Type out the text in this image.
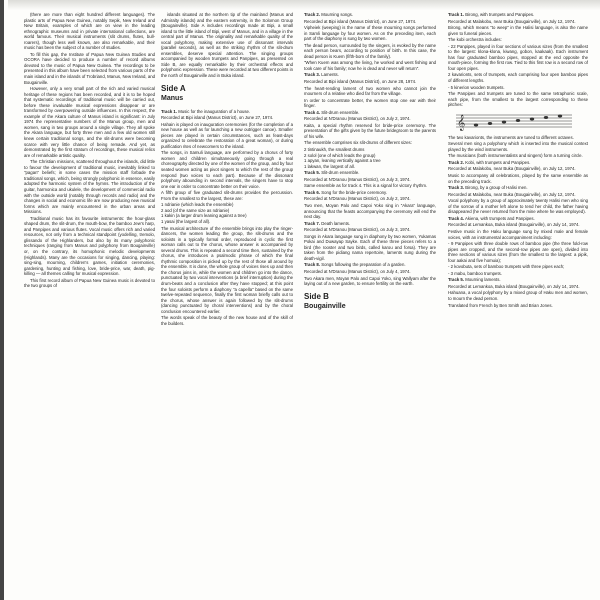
(there are more than eight hundred different languages). The plastic arts of Papua New Guinea, notably Sepik, New Ireland and New Britain, examples of which are on view in the leading ethnographic museums and in private international collections, are world famous. Their musical instruments (slit drums, flutes, bull-roarers), though less well known, are also remarkable, and their music has been the subject of a number of studies.

To fill this gap, the Institute of Papua New Guinea Studies and OCORA have decided to produce a number of record albums devoted to the music of Papua New Guinea. The recordings to be presented in this album have been selected from various parts of the main island and in the islands of Trobriand, Manus, New Ireland, and Bougainville.

However, only a very small part of the rich and varied musical heritage of these regions has been recorded, and it is to be hoped that systematic recordings of traditional music will be carried out, before these invaluable musical expressions disappear or are transformed by overpowering outside influences. In this respect, the example of the Akara culture of Manus island is significant: in July 1974 the representative numbers of the Manus group, men and women, sang in two groups around a single village. They all spoke the Akara language, but forty three men and a few old women still knew certain traditional songs, and the slit-drums were becoming scarce with very little chance of being remade. And yet, as demonstrated by the first stratum of recordings, these musical relics are of remarkable artistic quality.

The Christian missions, scattered throughout the islands, did little to favour the development of traditional music, inevitably linked to "pagan" beliefs; in some cases the mission staff forbade the traditional songs, which, being strongly polyphonic in essence, easily adopted the harmonic system of the hymns. The introduction of the guitar, harmonica and ukulele, the development of commercial radio with the outside world (notably through records and radio) and the changes in social and economic life are now producing new musical forms which are mainly encountered in the urban areas and Missions.

Traditional music has its favourite instruments: the hour-glass shaped drum, the slit-drum, the mouth-bow, the bamboo Jew's harp, and Panpipes and various flutes. Vocal music offers rich and varied resources, not only from a technical standpoint (yodelling, tremolo, glissando of the Highlanders, but also by its many polyphonic techniques (ranging from Manus and polyphony from Bougainville) or, on the contrary, its homophonic melodic developments (Highlands). Many are the occasions for singing, dancing, playing: sing-sing, mourning, children's games, initiation ceremonies, gardening, hunting and fishing, love, bride-price, war, death, pig-killing — all themes calling for musical expression.

This first record album of Papua New Guinea music is devoted to the two groups of

islands situated at the northern tip of the mainland (Manus and Admiralty islands) and the eastern extremity, in the Solomon Group (Bougainville). Side A includes recordings made at Bipi, a small island to the little island of Bipi, west of Manus, and in a village in the central part of Manus. The originality and remarkable quality of the vocal polyphony, making extensive use of dissonant intervals (parallel seconds), as well as the striking rhythm of the slit-drum ensembles, deserve special attention. The singing groups accompanied by wooden trumpets and Panpipes, as presented on Side B, are equally remarkable by their orchestral effects and polyphonic expression. These were recorded at two different points in the north of Bougainville and in Buka island.

Side A
Manus

Track 1. Music for the inauguration of a house.

Recorded at Bipi island (Manus District), on June 27, 1974.

Hahain is played on inauguration ceremonies (for the completion of a new house as well as for launching a new outrigger canoe). Smaller pieces are played in certain circumstances, such as feast-days organized to celebrate the restoration of a great woman), or during purification rites of newcomers to the island.

The songs, in Samuli language, are performed by a chorus of forty women and children simultaneously going through a real choreography directed by one of the women of the group, and by four seated women acting as pivot singers to which the rest of the group respond (two voices to each part). Because of the dissonant polyphony abounding in second intervals, the singers have to stop one ear in order to concentrate better on their voice.

A fifth group of five graduated slit-drums provides the percussion. From the smallest to the largest, these are:

1 ndrianie (which leads the ensemble)
2 aod (of the same size as ndrianie)
1 kakin (a larger drum leaning against a tree)
1 yasai (the largest of all).

The musical architecture of the ensemble brings into play the ringer-dancers, the women leading the group, the slit-drums and the soloists in a typically formal order, reproduced in cyclic the first woman calls out to the chorus, whose answer is accompanied by several drums. This is repeated a second time then, sustained by the chorus, she introduces a psalmodic phrase of which the final rhythmic composition is picked up by the rest of those all around by the ensemble. It is done, the whole group of voices rises up and then the chorus joins in, while the women and children go into the dance, punctuated by two vocal interventions (a brief interruption) during the drum-beats and a conclusion after they have stopped; at this point the four soloists perform a diaphony "a capella" based on the same twelve-repeated sequence, finally the first woman briefly calls out to the chorus, whose answer is again followed by the slit-drums (dancing punctuated by choral interventions) and by the choral conclusion encountered earlier.

The words speak of the beauty of the new house and of the skill of the builders.

Track 2. Mourning songs.

Recorded at Bipi island (Manus District), on June 27, 1974.

Vipheiek (weeping) is the name of these mourning songs performed in Samli language by four women. As on the preceding item, each part of the diaphony is sung by two women.

The dead person, surrounded by the singers, is evoked by the name each person bears, according to position of birth. In this case, the dead person is Kuem (fifth-born of the family).

"When Kuem was among the living, he worked and went fishing and took care of his family; now he is dead and never will return".

Track 3. Laments.

Recorded at Bipi island (Manus District), on June 28, 1974.

The heart-rending lament of two women who cannot join the mourners of a relative who died far from the village.

In order to concentrate better, the women stop one ear with their finger.

Track 4. Slit-drum ensemble.

Recorded at N'Dranou (Manus District), on July 2, 1974.

Kaita, a special rhythm reserved for bride-price ceremony. The presentation of the gifts given by the future bridegroom to the parents of his wife.

The ensemble comprises six slit-drums of different sizes:

2 tintinaukh, the smallest drums
2 solol (one of which leads the group)
1 apyan, leaning vertically against a tree
1 lakwan, the largest of all.

Track 5. Slit-drum ensemble.

Recorded at N'Dranou (Manus District), on July 3, 1974.

Same ensemble as for track 4. This is a signal for victory rhythm.

Track 6. Song for the bride-price ceremony.

Recorded at N'Dranou (Manus District), on July 2, 1974.

Two men, Moyan Palo and Capoi Yoko sing in "Akara" language, announcing that the feasts accompanying the ceremony will end the next day.

Track 7. Death laments.

Recorded at N'Dranou (Manus District), on July 3, 1974.

Songs in Akara language sung in diaphony by two women, Yukamas Pokai and Duwayap Sayke. Each of these three pieces refers to a bird (the rooster and two birds, called karou and forsa). They are taken from the pidiang nama repertoire, laments sung during the death-vigil.

Track 8. Songs following the preparation of a garden.

Recorded at N'Dranou (Manus District), on July 4, 1974.

Two Akara men, Moyan Palo and Capoi Yoko, sing Wallyam after the laying out of a new garden, to ensure fertility on the earth.

Side B
Bougainville

Track 1. Birong, with trumpets and Panpipes.

Recorded at Malakobu, near Buka (Bougainville), on July 12, 1974.

Birong, which means "to weep" in the Halisi language, is also the name given to funeral pieces.

The kobi orchestra includes:

- 22 Panpipes, played in four sections of various sizes (from the smallest to the largest: klona-klona, kiwang, gobon, kaakaak). Each instrument has four graduated bamboo pipes, stopped at the end opposite the mouth-piece, forming the first row. Tied to this first row is a second row of four open pipes.

2 kavarionts, sets of trumpets, each comprising four open bamboo pipes of different lengths.

- 5 kinerion wooden trumpets.

The Panpipes and trumpets are tuned to the same tetraphonic scale, each pipe, from the smallest to the largest corresponding to these pitches:

𝄞

The two kavarionts, the instruments are tuned to different octaves.

Several men sing a polyphony which is inserted into the musical context played by the wind instruments.

The musicians (both instrumentalists and singers) form a turning circle.

Track 2. Kobi, with trumpets and Panpipes.

Recorded at Malakobu, near Buka (Bougainville), on July 12, 1974.

Music to accompany all celebrations, played by the same ensemble as on the preceding track.

Track 3. Birong, by a group of Halisi men.

Recorded at Malakobu, near Buka (Bougainville), on July 12, 1974.

Vocal polyphony by a group of approximately twenty Halisi men who sing of the sorrow of a mother left alone to tend her child, the father having disappeared (he never returned from the mine where he was employed).

Track 4. Akiena, with trumpets and Panpipes.

Recorded at Lemankoa, Buka island (Bougainville), on July 14, 1974.

Festive music in the Haku language sung by mixed male and female voices, with an instrumental accompaniment including:

- 9 Panpipes with three double rows of bamboo pipe (the three fold-row pipes are cropped, and the second-row pipes are open), divided into three sections of various sizes (from the smallest to the largest: a pipik, four aakai and five homuia);

- 2 kovobuta, sets of bamboo trumpets with three pipes each;

- 3 mabu, bamboo trumpets.

Track 5. Mourning laments.

Recorded at Lemankoa, Buka island (Bougainville), on July 14, 1974.

Hahuana, a vocal polyphony by a mixed group of Haku men and women, to mourn the dead person.

Translated from French by Ben Smith and Brian Jones.
